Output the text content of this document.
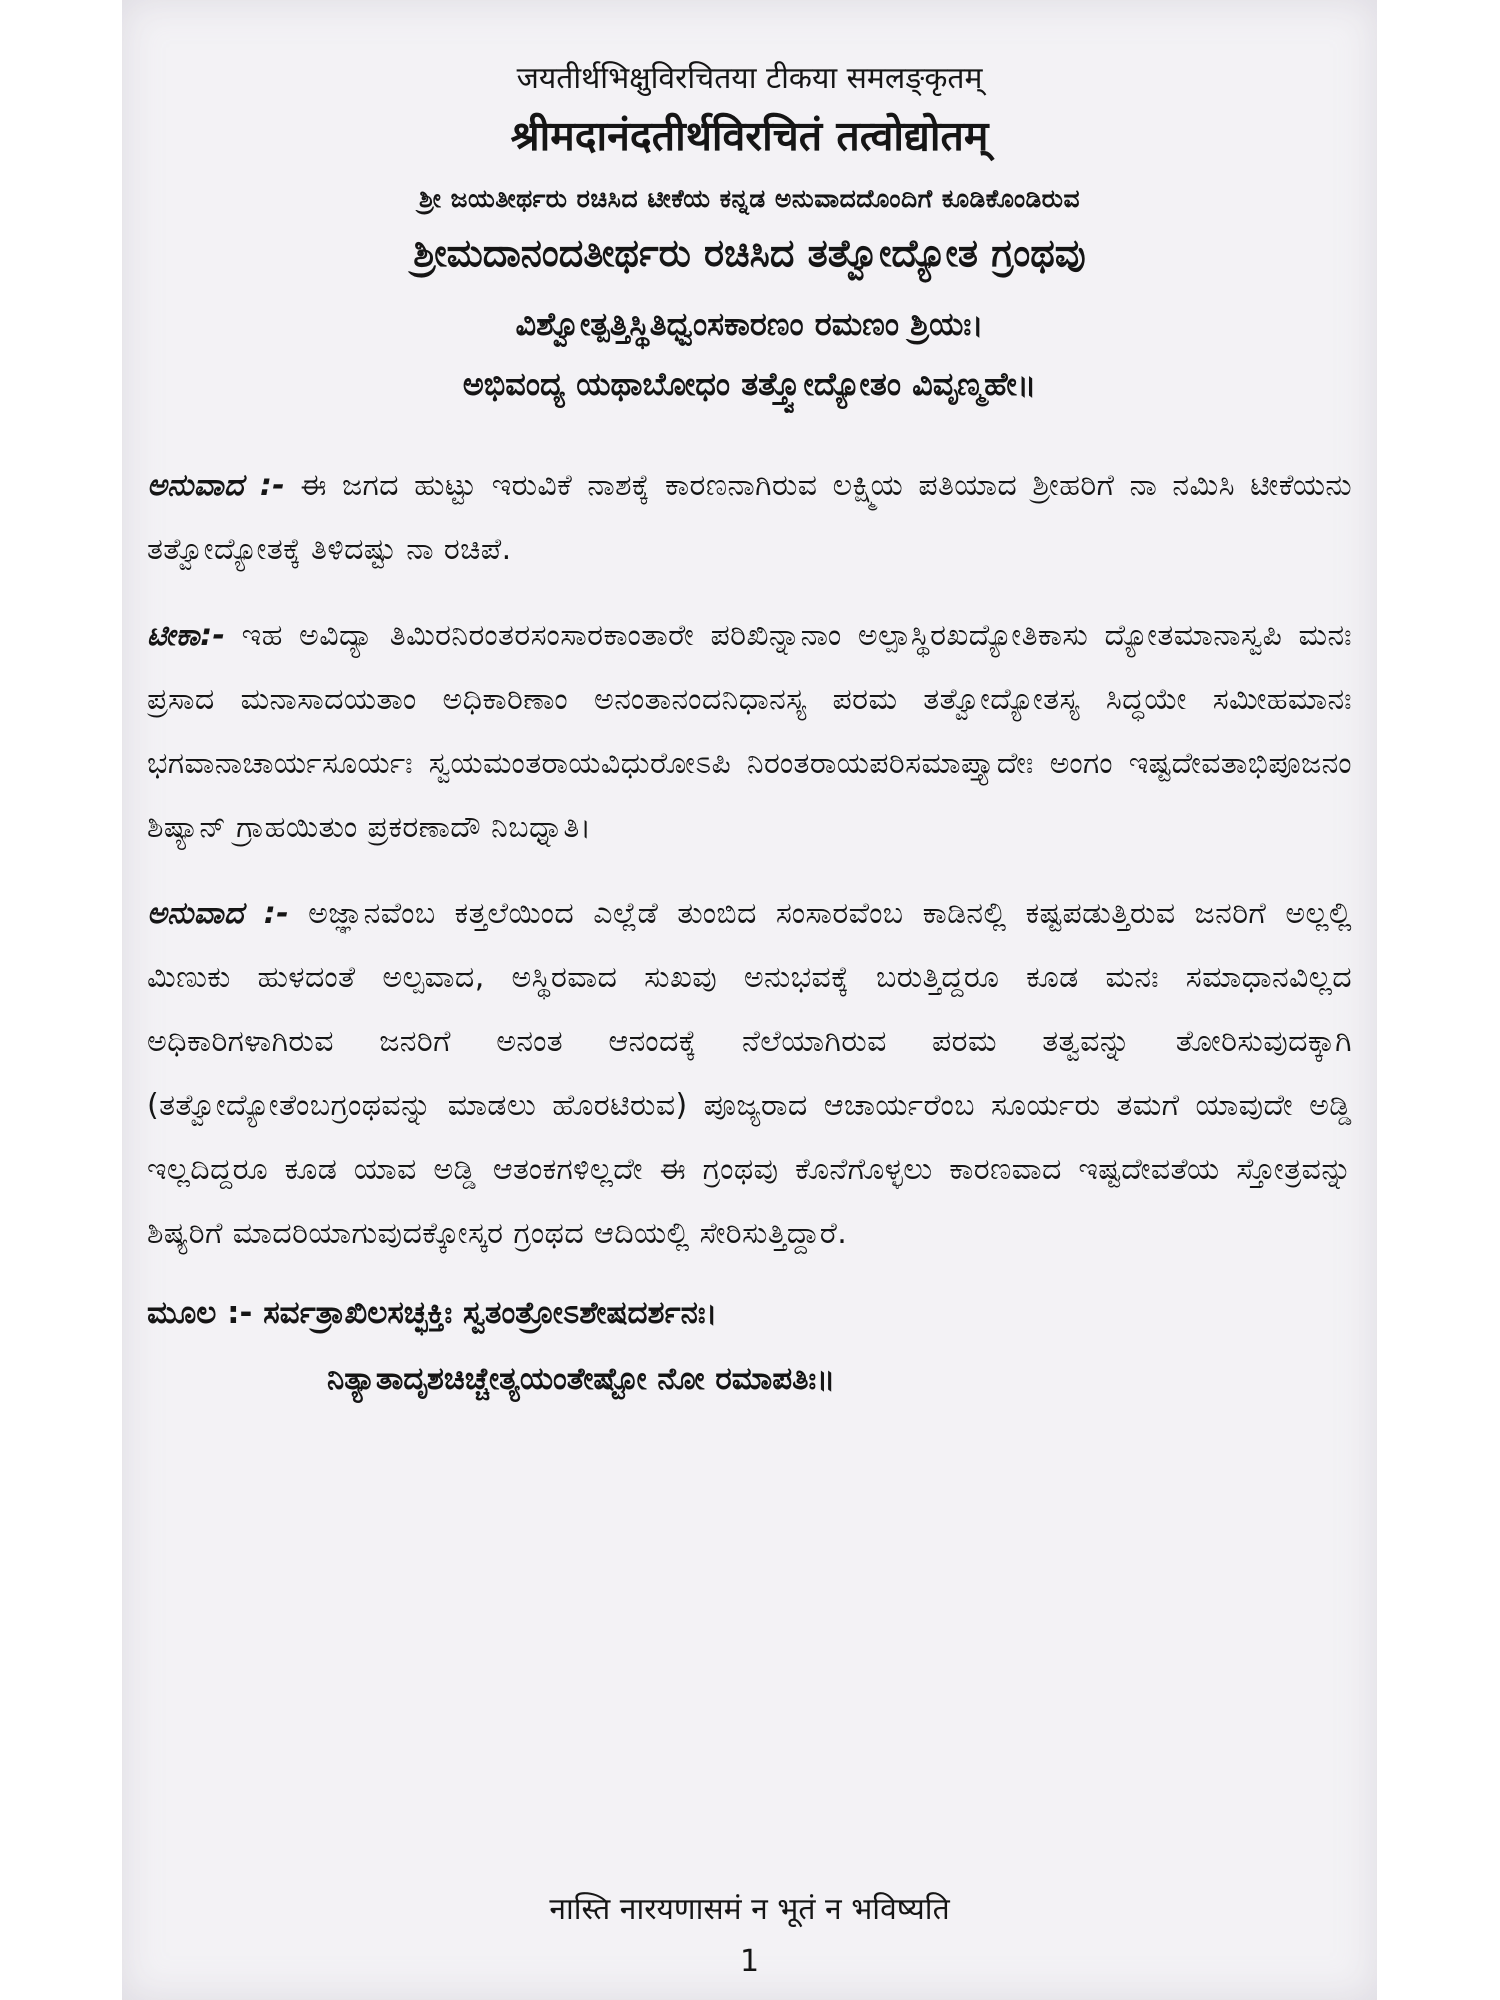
जयतीर्थभिक्षुविरचितया टीकया समलङ्कृतम्
श्रीमदानंदतीर्थविरचितं तत्वोद्योतम्
ಶ್ರೀ ಜಯತೀರ್ಥರು ರಚಿಸಿದ ಟೀಕೆಯ ಕನ್ನಡ ಅನುವಾದದೊಂದಿಗೆ ಕೂಡಿಕೊಂಡಿರುವ
ಶ್ರೀಮದಾನಂದತೀರ್ಥರು ರಚಿಸಿದ ತತ್ವೋದ್ಯೋತ ಗ್ರಂಥವು
ವಿಶ್ವೋತ್ಪತ್ತಿಸ್ಥಿತಿಧ್ವಂಸಕಾರಣಂ ರಮಣಂ ಶ್ರಿಯಃ।
ಅಭಿವಂದ್ಯ ಯಥಾಬೋಧಂ ತತ್ತ್ವೋದ್ಯೋತಂ ವಿವೃಣ್ಮಹೇ॥

ಅನುವಾದ :- ಈ ಜಗದ ಹುಟ್ಟು ಇರುವಿಕೆ ನಾಶಕ್ಕೆ ಕಾರಣನಾಗಿರುವ ಲಕ್ಷ್ಮಿಯ ಪತಿಯಾದ ಶ್ರೀಹರಿಗೆ ನಾ ನಮಿಸಿ ಟೀಕೆಯನು ತತ್ವೋದ್ಯೋತಕ್ಕೆ ತಿಳಿದಷ್ಟು ನಾ ರಚಿಪೆ.

ಟೀಕಾ:- ಇಹ ಅವಿದ್ಯಾ ತಿಮಿರನಿರಂತರಸಂಸಾರಕಾಂತಾರೇ ಪರಿಖಿನ್ನಾನಾಂ ಅಲ್ಪಾಸ್ಥಿರಖದ್ಯೋತಿಕಾಸು ದ್ಯೋತಮಾನಾಸ್ವಪಿ ಮನಃ ಪ್ರಸಾದ ಮನಾಸಾದಯತಾಂ ಅಧಿಕಾರಿಣಾಂ ಅನಂತಾನಂದನಿಧಾನಸ್ಯ ಪರಮ ತತ್ವೋದ್ಯೋತಸ್ಯ ಸಿದ್ಧಯೇ ಸಮೀಹಮಾನಃ ಭಗವಾನಾಚಾರ್ಯಸೂರ್ಯಃ ಸ್ವಯಮಂತರಾಯವಿಧುರೋಽಪಿ ನಿರಂತರಾಯಪರಿಸಮಾಪ್ತ್ಯಾದೇಃ ಅಂಗಂ ಇಷ್ಟದೇವತಾಭಿಪೂಜನಂ ಶಿಷ್ಯಾನ್ ಗ್ರಾಹಯಿತುಂ ಪ್ರಕರಣಾದೌ ನಿಬಧ್ನಾತಿ।

ಅನುವಾದ :- ಅಜ್ಞಾನವೆಂಬ ಕತ್ತಲೆಯಿಂದ ಎಲ್ಲೆಡೆ ತುಂಬಿದ ಸಂಸಾರವೆಂಬ ಕಾಡಿನಲ್ಲಿ ಕಷ್ಟಪಡುತ್ತಿರುವ ಜನರಿಗೆ ಅಲ್ಲಲ್ಲಿ ಮಿಣುಕು ಹುಳದಂತೆ ಅಲ್ಪವಾದ, ಅಸ್ಥಿರವಾದ ಸುಖವು ಅನುಭವಕ್ಕೆ ಬರುತ್ತಿದ್ದರೂ ಕೂಡ ಮನಃ ಸಮಾಧಾನವಿಲ್ಲದ ಅಧಿಕಾರಿಗಳಾಗಿರುವ ಜನರಿಗೆ ಅನಂತ ಆನಂದಕ್ಕೆ ನೆಲೆಯಾಗಿರುವ ಪರಮ ತತ್ವವನ್ನು ತೋರಿಸುವುದಕ್ಕಾಗಿ (ತತ್ವೋದ್ಯೋತೆಂಬಗ್ರಂಥವನ್ನು ಮಾಡಲು ಹೊರಟಿರುವ) ಪೂಜ್ಯರಾದ ಆಚಾರ್ಯರೆಂಬ ಸೂರ್ಯರು ತಮಗೆ ಯಾವುದೇ ಅಡ್ಡಿ ಇಲ್ಲದಿದ್ದರೂ ಕೂಡ ಯಾವ ಅಡ್ಡಿ ಆತಂಕಗಳಿಲ್ಲದೇ ಈ ಗ್ರಂಥವು ಕೊನೆಗೊಳ್ಳಲು ಕಾರಣವಾದ ಇಷ್ಟದೇವತೆಯ ಸ್ತೋತ್ರವನ್ನು ಶಿಷ್ಯರಿಗೆ ಮಾದರಿಯಾಗುವುದಕ್ಕೋಸ್ಕರ ಗ್ರಂಥದ ಆದಿಯಲ್ಲಿ ಸೇರಿಸುತ್ತಿದ್ದಾರೆ.

ಮೂಲ :- ಸರ್ವತ್ರಾಖಿಲಸಚ್ಛಕ್ತಿಃ ಸ್ವತಂತ್ರೋಽಶೇಷದರ್ಶನಃ।
ನಿತ್ಯಾತಾದೃಶಚಿಚ್ಚೇತ್ಯಯಂತೇಷ್ಟೋ ನೋ ರಮಾಪತಿಃ॥
नास्ति नारयणासमं न भूतं न भविष्यति
1
